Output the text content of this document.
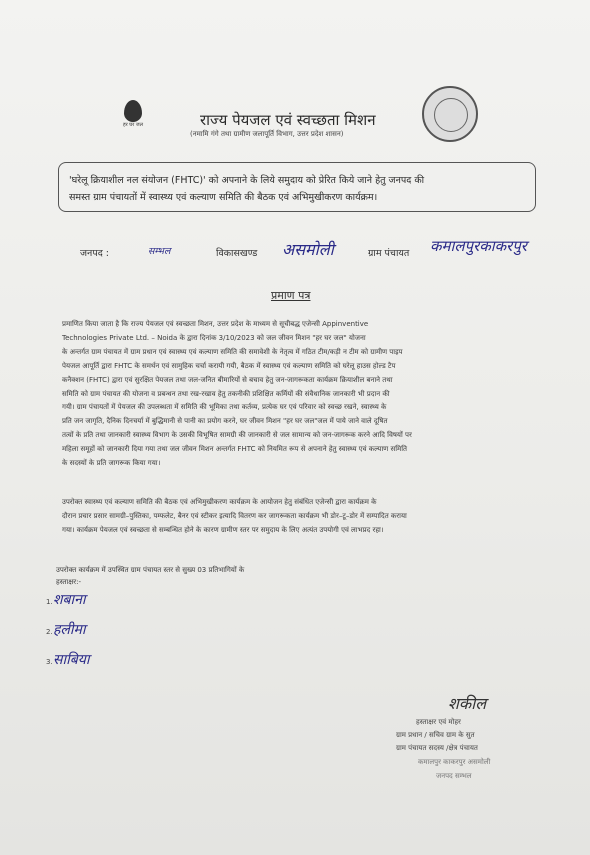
हर घर जल	राज्य पेयजल एवं स्वच्छता मिशन
(नमामि गंगे तथा ग्रामीण जलापूर्ति विभाग, उत्तर प्रदेश शासन)
'घरेलू क्रियाशील नल संयोजन (FHTC)' को अपनाने के लिये समुदाय को प्रेरित किये जाने हेतु जनपद की
समस्त ग्राम पंचायतों में स्वास्थ्य एवं कल्याण समिति की बैठक एवं अभिमुखीकरण कार्यक्रम।
जनपद :	सम्भल	विकासखण्ड असमोली	ग्राम पंचायत कमालपुरकाकरपुर
प्रमाण पत्र
प्रमाणित किया जाता है कि राज्य पेयजल एवं स्वच्छता मिशन, उत्तर प्रदेश के माध्यम से सूचीबद्ध एजेन्सी Appinventive
Technologies Private Ltd. – Noida के द्वारा दिनांक 3/10/2023 को जल जीवन मिशन "हर घर जल" योजना
के अन्तर्गत ग्राम पंचायत में ग्राम प्रधान एवं स्वास्थ्य एवं कल्याण समिति की समावेशी के नेतृत्व में गठित टीम/कड़ी न टीम को ग्रामीण पाइप
पेयजल आपूर्ति द्वारा FHTC के समर्थन एवं सामुहिक चर्चा करायी गयी, बैठक में स्वास्थ्य एवं कल्याण समिति को घरेलू हाउस होल्ड टैप
कनैक्शन (FHTC) द्वारा एवं सुरक्षित पेयजल तथा जल-जनित बीमारियों से बचाव हेतु जन-जागरूकता कार्यक्रम क्रियाशील बनाने तथा
समिति को ग्राम पंचायत की योजना व प्रबन्धन तथा रख-रखाव हेतु तकनीकी प्रशिक्षित कर्मियों की संवैधानिक जानकारी भी प्रदान की
गयी। ग्राम पंचायतों में पेयजल की उपलब्धता में समिति की भूमिका तथा कर्तव्य, प्रत्येक घर एवं परिवार को स्वच्छ रखने, स्वास्थ्य के
प्रति जन जागृति, दैनिक दिनचर्या में बुद्धिमानी से पानी का प्रयोग करने, घर जीवन मिशन "हर घर जल"जल में पाये जाने वाले दूषित
तत्वों के प्रति तथा जानकारी स्वास्थ्य विभाग के उसकी विभूषित सामग्री की जानकारी से जल सामान्य को जन-जागरूक करने आदि विषयों पर
महिला समूहों को जानकारी दिया गया तथा जल जीवन मिशन अन्तर्गत FHTC को नियमित रूप से अपनाने हेतु स्वास्थ्य एवं कल्याण समिति
के सदस्यों के प्रति जागरूक किया गया।
उपरोक्त स्वास्थ्य एवं कल्याण समिति की बैठक एवं अभिमुखीकरण कार्यक्रम के आयोजन हेतु संबंधित एजेन्सी द्वारा कार्यक्रम के
दौरान प्रचार प्रसार सामग्री–पुस्तिका, पम्फलेट, बैनर एवं स्टीकर इत्यादि वितरण कर जागरूकता कार्यक्रम भी डोर–टू–डोर में सम्पादित कराया
गया। कार्यक्रम पेयजल एवं स्वच्छता से सम्बन्धित होने के कारण ग्रामीण स्तर पर समुदाय के लिए अत्यंत उपयोगी एवं लाभप्रद रहा।
उपरोक्त कार्यक्रम में उपस्थित ग्राम पंचायत स्तर से सुख्य 03 प्रतिभागियों के
हस्ताक्षर:-
1. शबाना
2. हलीमा
3. साबिया
शकील
हस्ताक्षर एवं मोहर
ग्राम प्रधान / सचिव ग्राम के सुत
ग्राम पंचायत सदस्य /क्षेत्र पंचायत
कमालपुर काकरपुर असमोली
जनपद सम्भल
